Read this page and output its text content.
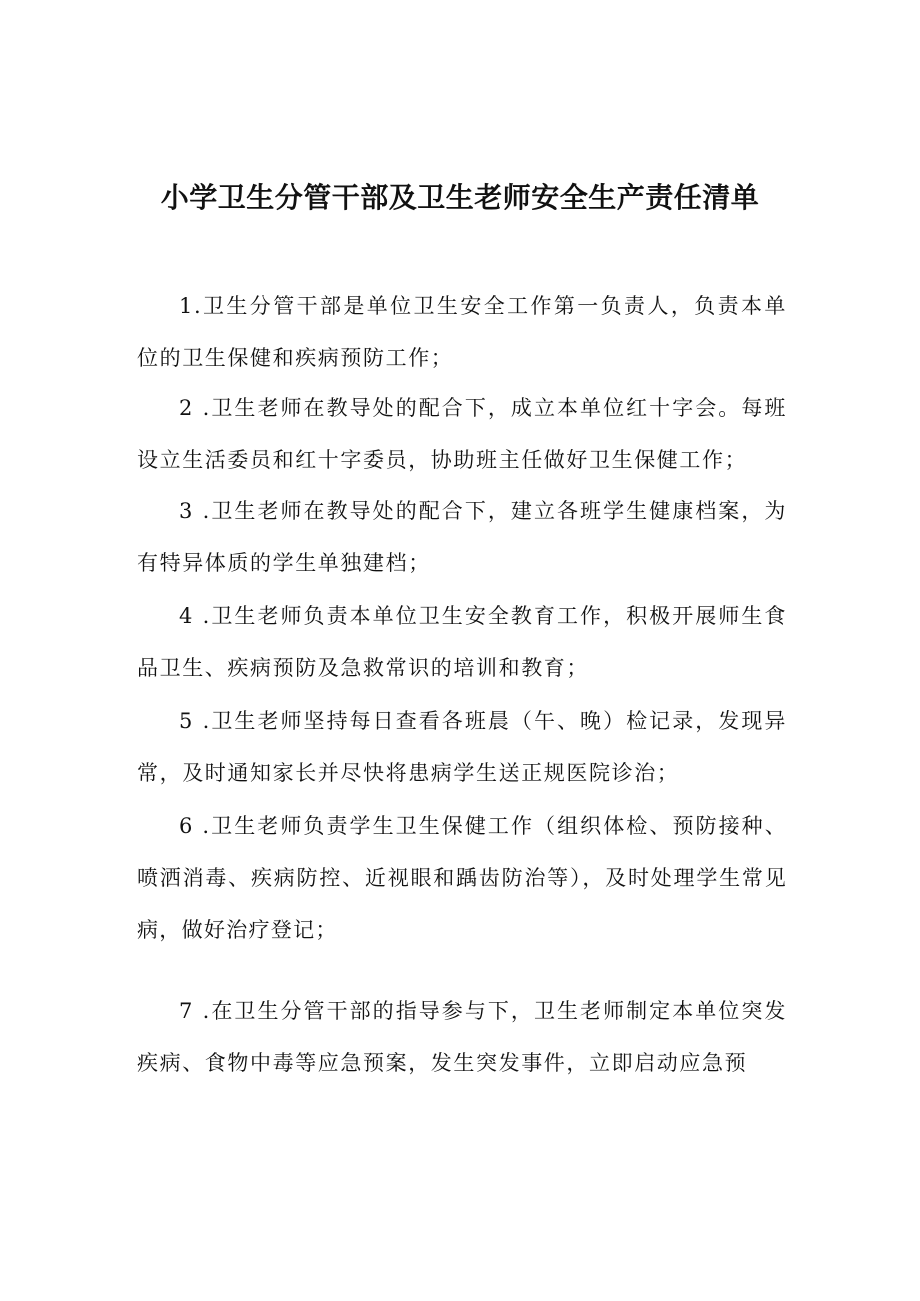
小学卫生分管干部及卫生老师安全生产责任清单

1.卫生分管干部是单位卫生安全工作第一负责人，负责本单位的卫生保健和疾病预防工作；

2 .卫生老师在教导处的配合下，成立本单位红十字会。每班设立生活委员和红十字委员，协助班主任做好卫生保健工作；

3 .卫生老师在教导处的配合下，建立各班学生健康档案，为有特异体质的学生单独建档；

4 .卫生老师负责本单位卫生安全教育工作，积极开展师生食品卫生、疾病预防及急救常识的培训和教育；

5 .卫生老师坚持每日查看各班晨（午、晚）检记录，发现异常，及时通知家长并尽快将患病学生送正规医院诊治；

6 .卫生老师负责学生卫生保健工作（组织体检、预防接种、喷洒消毒、疾病防控、近视眼和踽齿防治等），及时处理学生常见病，做好治疗登记；

7 .在卫生分管干部的指导参与下，卫生老师制定本单位突发疾病、食物中毒等应急预案，发生突发事件，立即启动应急预
